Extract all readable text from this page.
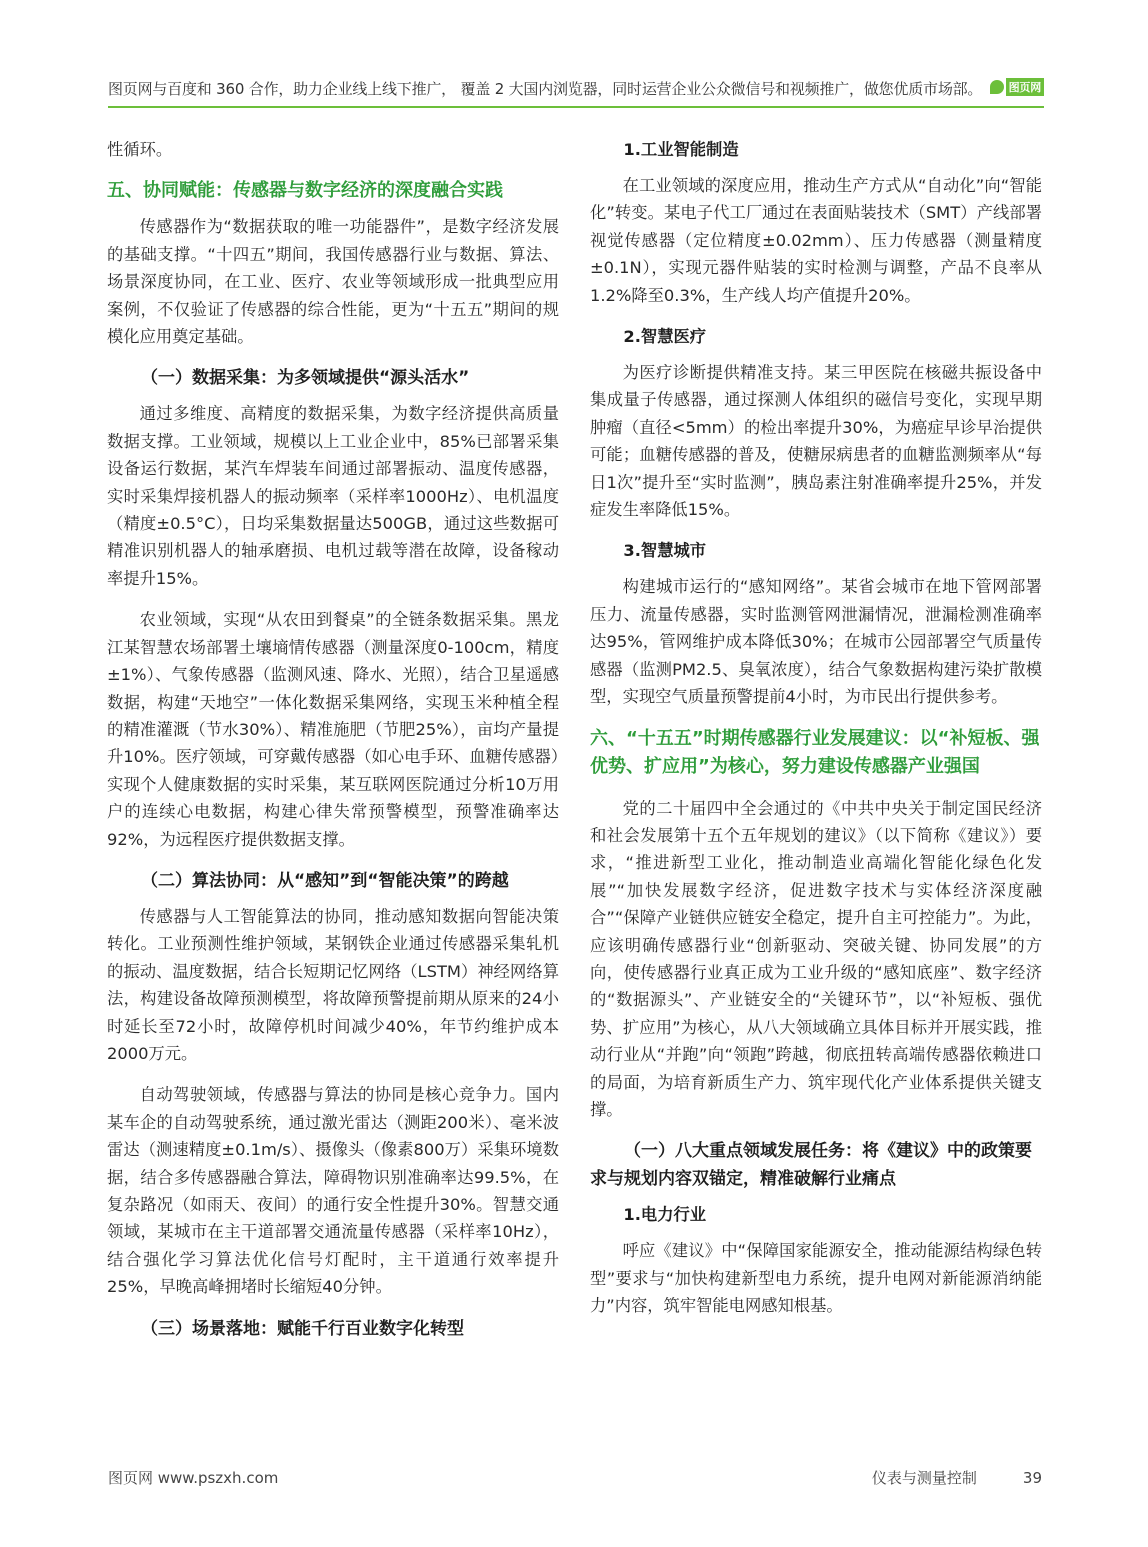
图页网与百度和 360 合作，助力企业线上线下推广， 覆盖 2 大国内浏览器，同时运营企业公众微信号和视频推广，做您优质市场部。 图页网

性循环。

五、协同赋能：传感器与数字经济的深度融合实践

传感器作为“数据获取的唯一功能器件”，是数字经济发展的基础支撑。“十四五”期间，我国传感器行业与数据、算法、场景深度协同，在工业、医疗、农业等领域形成一批典型应用案例，不仅验证了传感器的综合性能，更为“十五五”期间的规模化应用奠定基础。

（一）数据采集：为多领域提供“源头活水”

通过多维度、高精度的数据采集，为数字经济提供高质量数据支撑。工业领域，规模以上工业企业中，85%已部署采集设备运行数据，某汽车焊装车间通过部署振动、温度传感器，实时采集焊接机器人的振动频率（采样率1000Hz）、电机温度（精度±0.5°C），日均采集数据量达500GB，通过这些数据可精准识别机器人的轴承磨损、电机过载等潜在故障，设备稼动率提升15%。

农业领域，实现“从农田到餐桌”的全链条数据采集。黑龙江某智慧农场部署土壤墒情传感器（测量深度0-100cm，精度±1%）、气象传感器（监测风速、降水、光照），结合卫星遥感数据，构建“天地空”一体化数据采集网络，实现玉米种植全程的精准灌溉（节水30%）、精准施肥（节肥25%），亩均产量提升10%。医疗领域，可穿戴传感器（如心电手环、血糖传感器）实现个人健康数据的实时采集，某互联网医院通过分析10万用户的连续心电数据，构建心律失常预警模型，预警准确率达92%，为远程医疗提供数据支撑。

（二）算法协同：从“感知”到“智能决策”的跨越

传感器与人工智能算法的协同，推动感知数据向智能决策转化。工业预测性维护领域，某钢铁企业通过传感器采集轧机的振动、温度数据，结合长短期记忆网络（LSTM）神经网络算法，构建设备故障预测模型，将故障预警提前期从原来的24小时延长至72小时，故障停机时间减少40%，年节约维护成本2000万元。

自动驾驶领域，传感器与算法的协同是核心竞争力。国内某车企的自动驾驶系统，通过激光雷达（测距200米）、毫米波雷达（测速精度±0.1m/s）、摄像头（像素800万）采集环境数据，结合多传感器融合算法，障碍物识别准确率达99.5%，在复杂路况（如雨天、夜间）的通行安全性提升30%。智慧交通领域，某城市在主干道部署交通流量传感器（采样率10Hz），结合强化学习算法优化信号灯配时，主干道通行效率提升25%，早晚高峰拥堵时长缩短40分钟。

（三）场景落地：赋能千行百业数字化转型
1.工业智能制造

在工业领域的深度应用，推动生产方式从“自动化”向“智能化”转变。某电子代工厂通过在表面贴装技术（SMT）产线部署视觉传感器（定位精度±0.02mm）、压力传感器（测量精度±0.1N），实现元器件贴装的实时检测与调整，产品不良率从1.2%降至0.3%，生产线人均产值提升20%。

2.智慧医疗

为医疗诊断提供精准支持。某三甲医院在核磁共振设备中集成量子传感器，通过探测人体组织的磁信号变化，实现早期肿瘤（直径<5mm）的检出率提升30%，为癌症早诊早治提供可能；血糖传感器的普及，使糖尿病患者的血糖监测频率从“每日1次”提升至“实时监测”，胰岛素注射准确率提升25%，并发症发生率降低15%。

3.智慧城市

构建城市运行的“感知网络”。某省会城市在地下管网部署压力、流量传感器，实时监测管网泄漏情况，泄漏检测准确率达95%，管网维护成本降低30%；在城市公园部署空气质量传感器（监测PM2.5、臭氧浓度），结合气象数据构建污染扩散模型，实现空气质量预警提前4小时，为市民出行提供参考。

六、“十五五”时期传感器行业发展建议：以“补短板、强优势、扩应用”为核心，努力建设传感器产业强国

党的二十届四中全会通过的《中共中央关于制定国民经济和社会发展第十五个五年规划的建议》（以下简称《建议》）要求，“推进新型工业化，推动制造业高端化智能化绿色化发展”“加快发展数字经济，促进数字技术与实体经济深度融合”“保障产业链供应链安全稳定，提升自主可控能力”。为此，应该明确传感器行业“创新驱动、突破关键、协同发展”的方向，使传感器行业真正成为工业升级的“感知底座”、数字经济的“数据源头”、产业链安全的“关键环节”，以“补短板、强优势、扩应用”为核心，从八大领域确立具体目标并开展实践，推动行业从“并跑”向“领跑”跨越，彻底扭转高端传感器依赖进口的局面，为培育新质生产力、筑牢现代化产业体系提供关键支撑。

（一）八大重点领域发展任务：将《建议》中的政策要求与规划内容双锚定，精准破解行业痛点
1.电力行业

呼应《建议》中“保障国家能源安全，推动能源结构绿色转型”要求与“加快构建新型电力系统，提升电网对新能源消纳能力”内容，筑牢智能电网感知根基。

图页网 www.pszxh.com	仪表与测量控制	39
